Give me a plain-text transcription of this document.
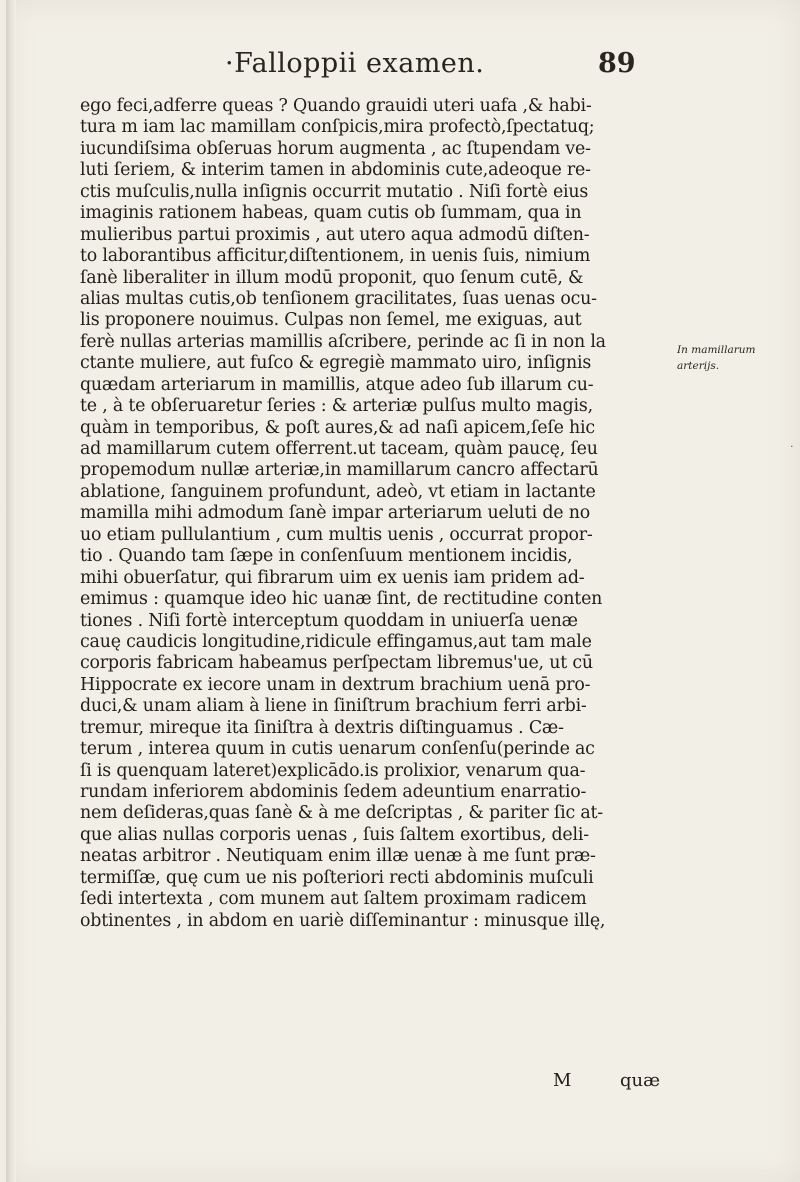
·Falloppii examen.	89
ego feci,adferre queas ? Quando grauidi uteri uafa ,& habi-
tura m iam lac mamillam conſpicis,mira profectò,ſpectatuq;
iucundiſsima obſeruas horum augmenta , ac ſtupendam ve-
luti ſeriem, & interim tamen in abdominis cute,adeoque re-
ctis muſculis,nulla inſignis occurrit mutatio . Niſi fortè eius
imaginis rationem habeas, quam cutis ob ſummam, qua in
mulieribus partui proximis , aut utero aqua admodū diſten-
to laborantibus afficitur,diſtentionem, in uenis ſuis, nimium
ſanè liberaliter in illum modū proponit, quo ſenum cutē, &
alias multas cutis,ob tenſionem gracilitates, ſuas uenas ocu-
lis proponere nouimus. Culpas non ſemel, me exiguas, aut
ferè nullas arterias mamillis aſcribere, perinde ac ſi in non la
ctante muliere, aut fuſco & egregiè mammato uiro, inſignis
quædam arteriarum in mamillis, atque adeo ſub illarum cu-
te , à te obſeruaretur ſeries : & arteriæ pulſus multo magis,
quàm in temporibus, & poſt aures,& ad naſi apicem,ſeſe hic
ad mamillarum cutem offerrent.ut taceam, quàm paucę, ſeu
propemodum nullæ arteriæ,in mamillarum cancro affectarū
ablatione, ſanguinem profundunt, adeò, vt etiam in lactante
mamilla mihi admodum ſanè impar arteriarum ueluti de no
uo etiam pullulantium , cum multis uenis , occurrat propor-
tio . Quando tam ſæpe in conſenſuum mentionem incidis,
mihi obuerſatur, qui fibrarum uim ex uenis iam pridem ad-
emimus : quamque ideo hic uanæ ſint, de rectitudine conten
tiones . Niſi fortè interceptum quoddam in uniuerſa uenæ
cauę caudicis longitudine,ridicule effingamus,aut tam male
corporis fabricam habeamus perſpectam libremus'ue, ut cū
Hippocrate ex iecore unam in dextrum brachium uenā pro-
duci,& unam aliam à liene in ſiniſtrum brachium ferri arbi-
tremur, mireque ita ſiniſtra à dextris diſtinguamus . Cæ-
terum , interea quum in cutis uenarum conſenſu(perinde ac
ſi is quenquam lateret)explicādo.is prolixior, venarum qua-
rundam inferiorem abdominis ſedem adeuntium enarratio-
nem deſideras,quas ſanè & à me deſcriptas , & pariter ſic at-
que alias nullas corporis uenas , ſuis ſaltem exortibus, deli-
neatas arbitror . Neutiquam enim illæ uenæ à me ſunt præ-
termiſſæ, quę cum ue nis poſteriori recti abdominis muſculi
ſedi intertexta , com munem aut ſaltem proximam radicem
obtinentes , in abdom en uariè diſſeminantur : minusque illę,
In mamillarum
arterijs.
M	quæ
·
